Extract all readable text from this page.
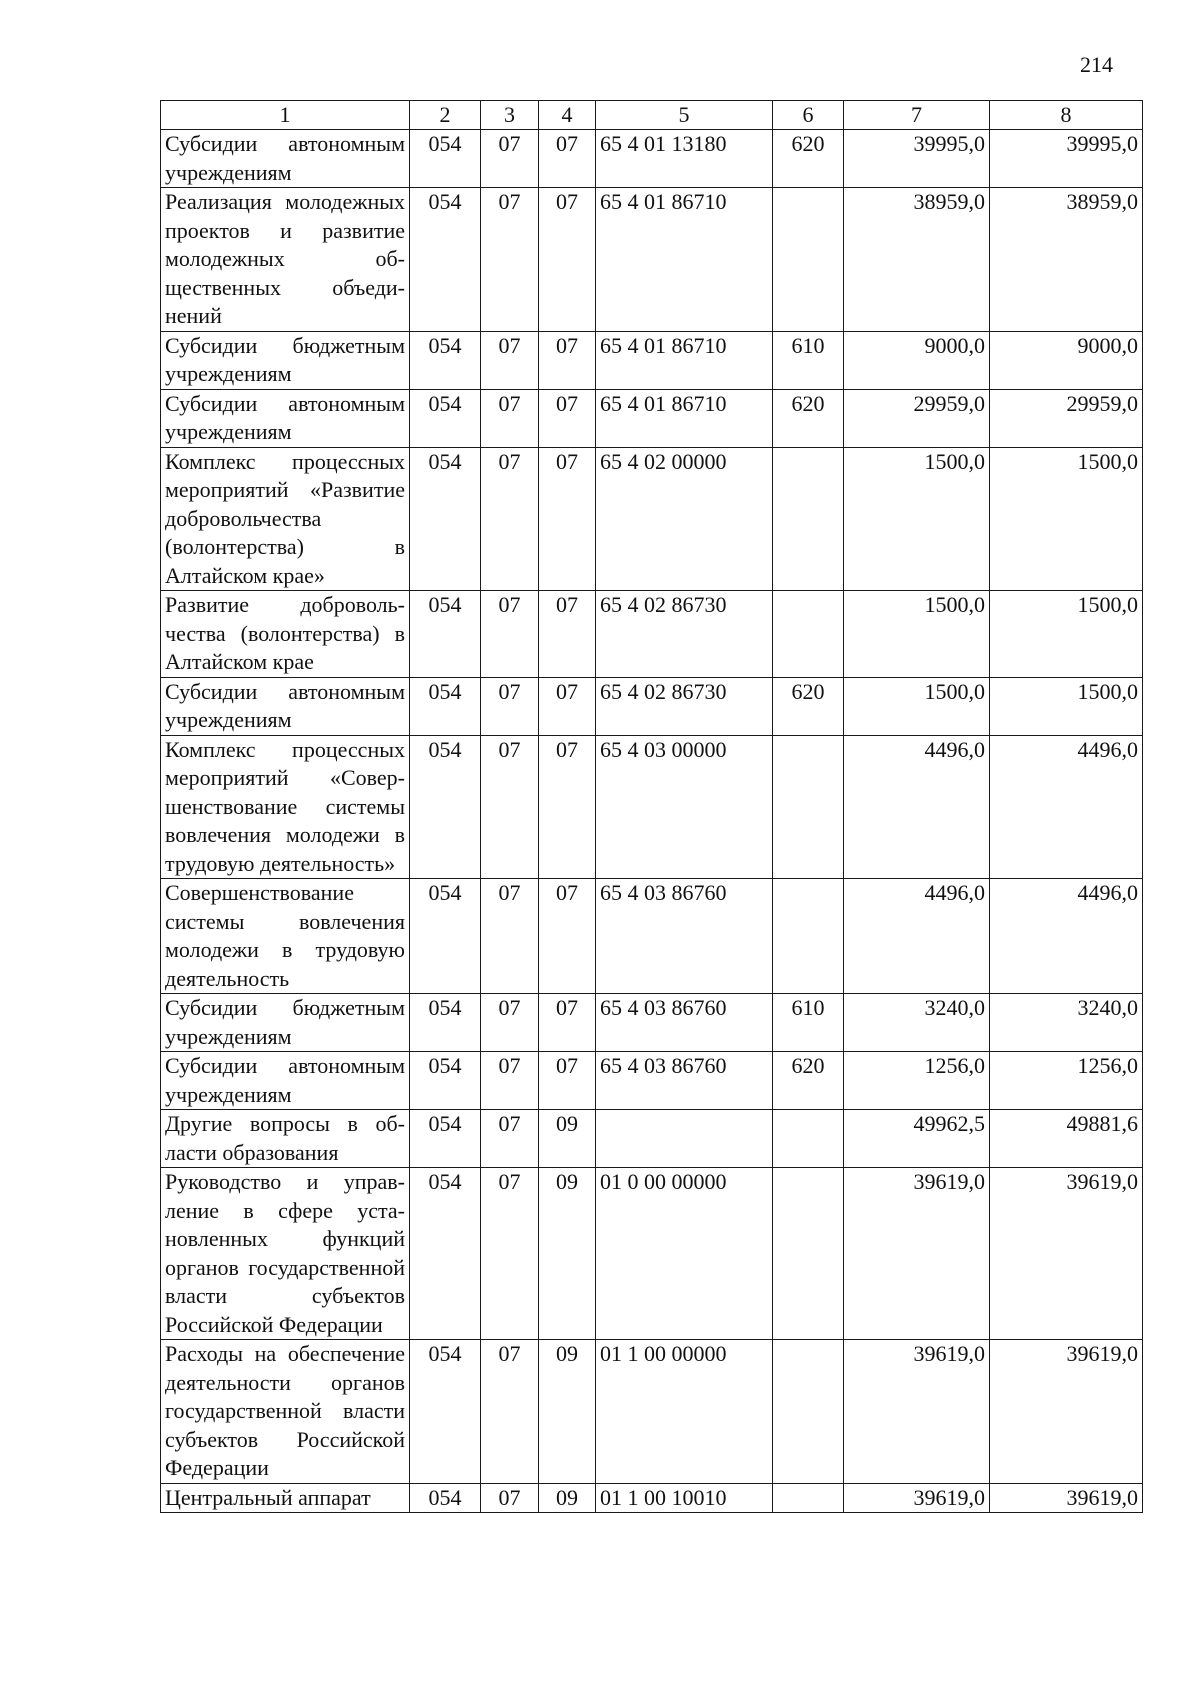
214
1	2	3	4	5	6	7	8
Субсидии автономным учреждениям	054	07	07	65 4 01 13180	620	39995,0	39995,0
Реализация молодежных проектов и развитие молодежных общественных объединений	054	07	07	65 4 01 86710		38959,0	38959,0
Субсидии бюджетным учреждениям	054	07	07	65 4 01 86710	610	9000,0	9000,0
Субсидии автономным учреждениям	054	07	07	65 4 01 86710	620	29959,0	29959,0
Комплекс процессных мероприятий «Развитие добровольчества (волонтерства) в Алтайском крае»	054	07	07	65 4 02 00000		1500,0	1500,0
Развитие добровольчества (волонтерства) в Алтайском крае	054	07	07	65 4 02 86730		1500,0	1500,0
Субсидии автономным учреждениям	054	07	07	65 4 02 86730	620	1500,0	1500,0
Комплекс процессных мероприятий «Совершенствование системы вовлечения молодежи в трудовую деятельность»	054	07	07	65 4 03 00000		4496,0	4496,0
Совершенствование системы вовлечения молодежи в трудовую деятельность	054	07	07	65 4 03 86760		4496,0	4496,0
Субсидии бюджетным учреждениям	054	07	07	65 4 03 86760	610	3240,0	3240,0
Субсидии автономным учреждениям	054	07	07	65 4 03 86760	620	1256,0	1256,0
Другие вопросы в области образования	054	07	09			49962,5	49881,6
Руководство и управление в сфере установленных функций органов государственной власти субъектов Российской Федерации	054	07	09	01 0 00 00000		39619,0	39619,0
Расходы на обеспечение деятельности органов государственной власти субъектов Российской Федерации	054	07	09	01 1 00 00000		39619,0	39619,0
Центральный аппарат	054	07	09	01 1 00 10010		39619,0	39619,0
